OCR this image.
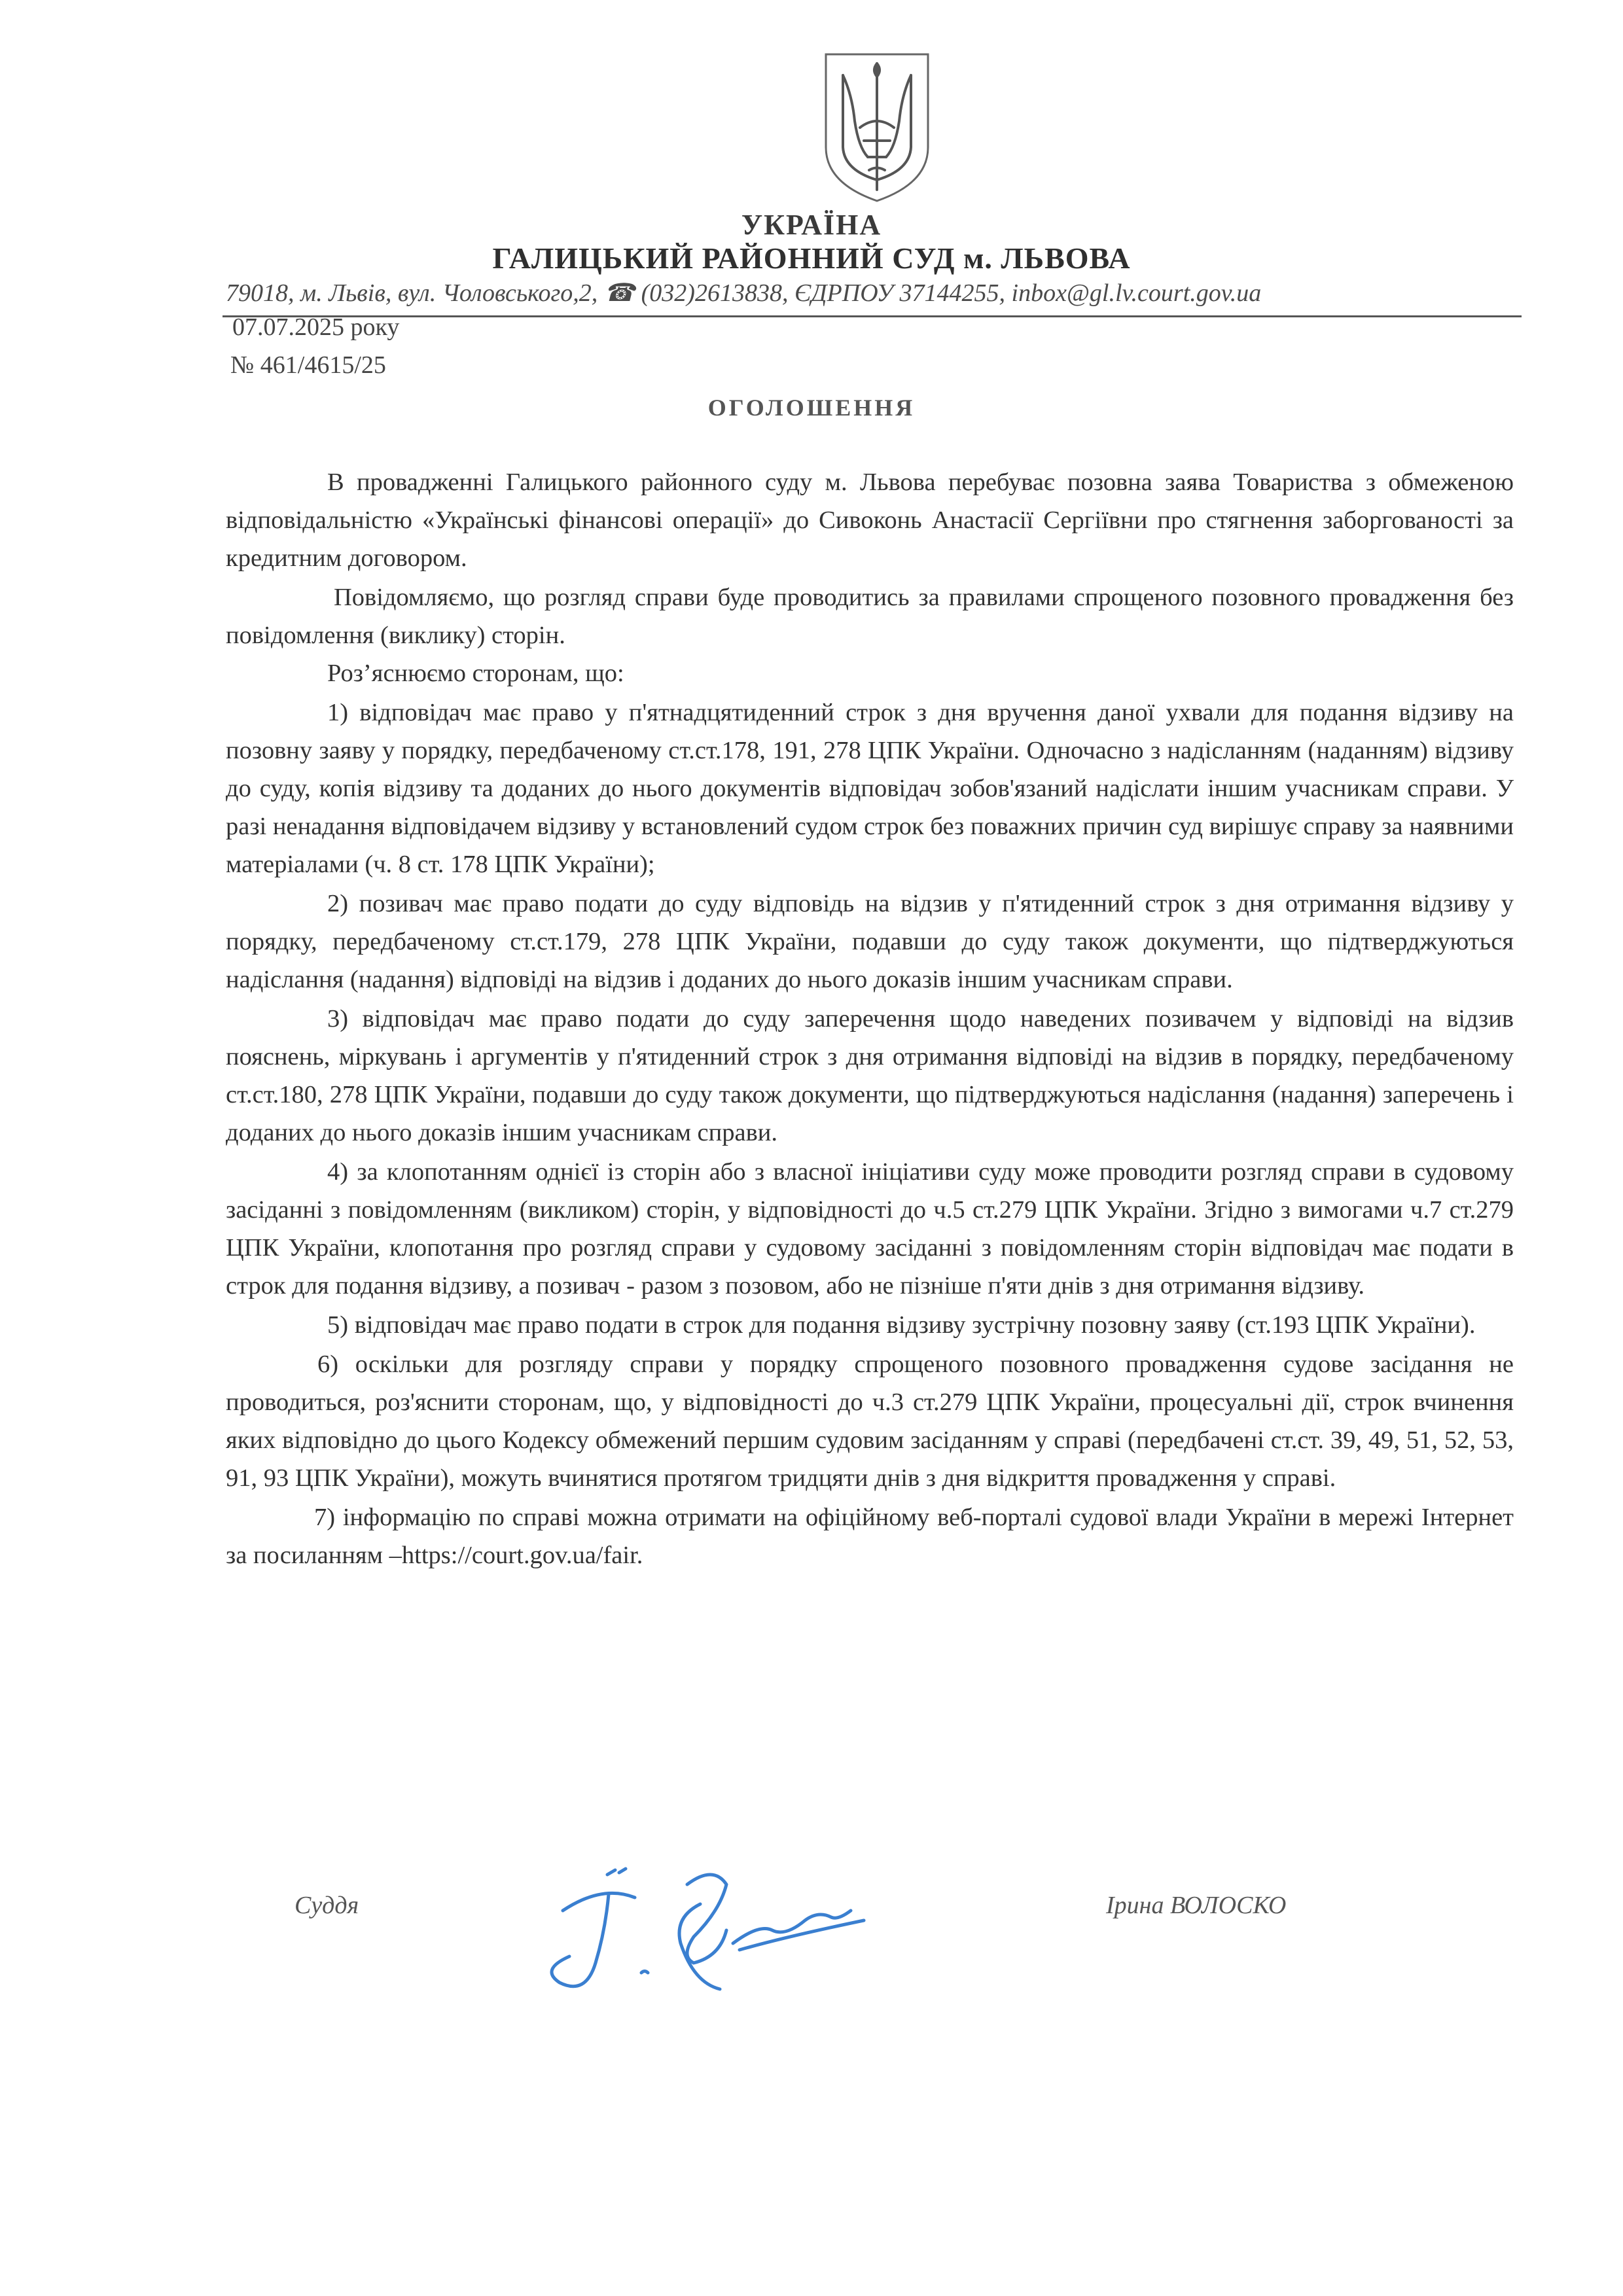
УКРАЇНА
ГАЛИЦЬКИЙ РАЙОННИЙ СУД м. ЛЬВОВА
79018, м. Львів, вул. Чоловського,2, ☎ (032)2613838, ЄДРПОУ 37144255, inbox@gl.lv.court.gov.ua
07.07.2025 року
№ 461/4615/25
ОГОЛОШЕННЯ

В провадженні Галицького районного суду м. Львова перебуває позовна заява Товариства з обмеженою відповідальністю «Українські фінансові операції» до Сивоконь Анастасії Сергіївни про стягнення заборгованості за кредитним договором.

Повідомляємо, що розгляд справи буде проводитись за правилами спрощеного позовного провадження без повідомлення (виклику) сторін.

Роз’яснюємо сторонам, що:

1) відповідач має право у п'ятнадцятиденний строк з дня вручення даної ухвали для подання відзиву на позовну заяву у порядку, передбаченому ст.ст.178, 191, 278 ЦПК України. Одночасно з надісланням (наданням) відзиву до суду, копія відзиву та доданих до нього документів відповідач зобов'язаний надіслати іншим учасникам справи. У разі ненадання відповідачем відзиву у встановлений судом строк без поважних причин суд вирішує справу за наявними матеріалами (ч. 8 ст. 178 ЦПК України);

2) позивач має право подати до суду відповідь на відзив у п'ятиденний строк з дня отримання відзиву у порядку, передбаченому ст.ст.179, 278 ЦПК України, подавши до суду також документи, що підтверджуються надіслання (надання) відповіді на відзив і доданих до нього доказів іншим учасникам справи.

3) відповідач має право подати до суду заперечення щодо наведених позивачем у відповіді на відзив пояснень, міркувань і аргументів у п'ятиденний строк з дня отримання відповіді на відзив в порядку, передбаченому ст.ст.180, 278 ЦПК України, подавши до суду також документи, що підтверджуються надіслання (надання) заперечень і доданих до нього доказів іншим учасникам справи.

4) за клопотанням однієї із сторін або з власної ініціативи суду може проводити розгляд справи в судовому засіданні з повідомленням (викликом) сторін, у відповідності до ч.5 ст.279 ЦПК України. Згідно з вимогами ч.7 ст.279 ЦПК України, клопотання про розгляд справи у судовому засіданні з повідомленням сторін відповідач має подати в строк для подання відзиву, а позивач - разом з позовом, або не пізніше п'яти днів з дня отримання відзиву.

5) відповідач має право подати в строк для подання відзиву зустрічну позовну заяву (ст.193 ЦПК України).

6) оскільки для розгляду справи у порядку спрощеного позовного провадження судове засідання не проводиться, роз'яснити сторонам, що, у відповідності до ч.3 ст.279 ЦПК України, процесуальні дії, строк вчинення яких відповідно до цього Кодексу обмежений першим судовим засіданням у справі (передбачені ст.ст. 39, 49, 51, 52, 53, 91, 93 ЦПК України), можуть вчинятися протягом тридцяти днів з дня відкриття провадження у справі.

7) інформацію по справі можна отримати на офіційному веб-порталі судової влади України в мережі Інтернет за посиланням –https://court.gov.ua/fair.

Суддя	Ірина ВОЛОСКО
